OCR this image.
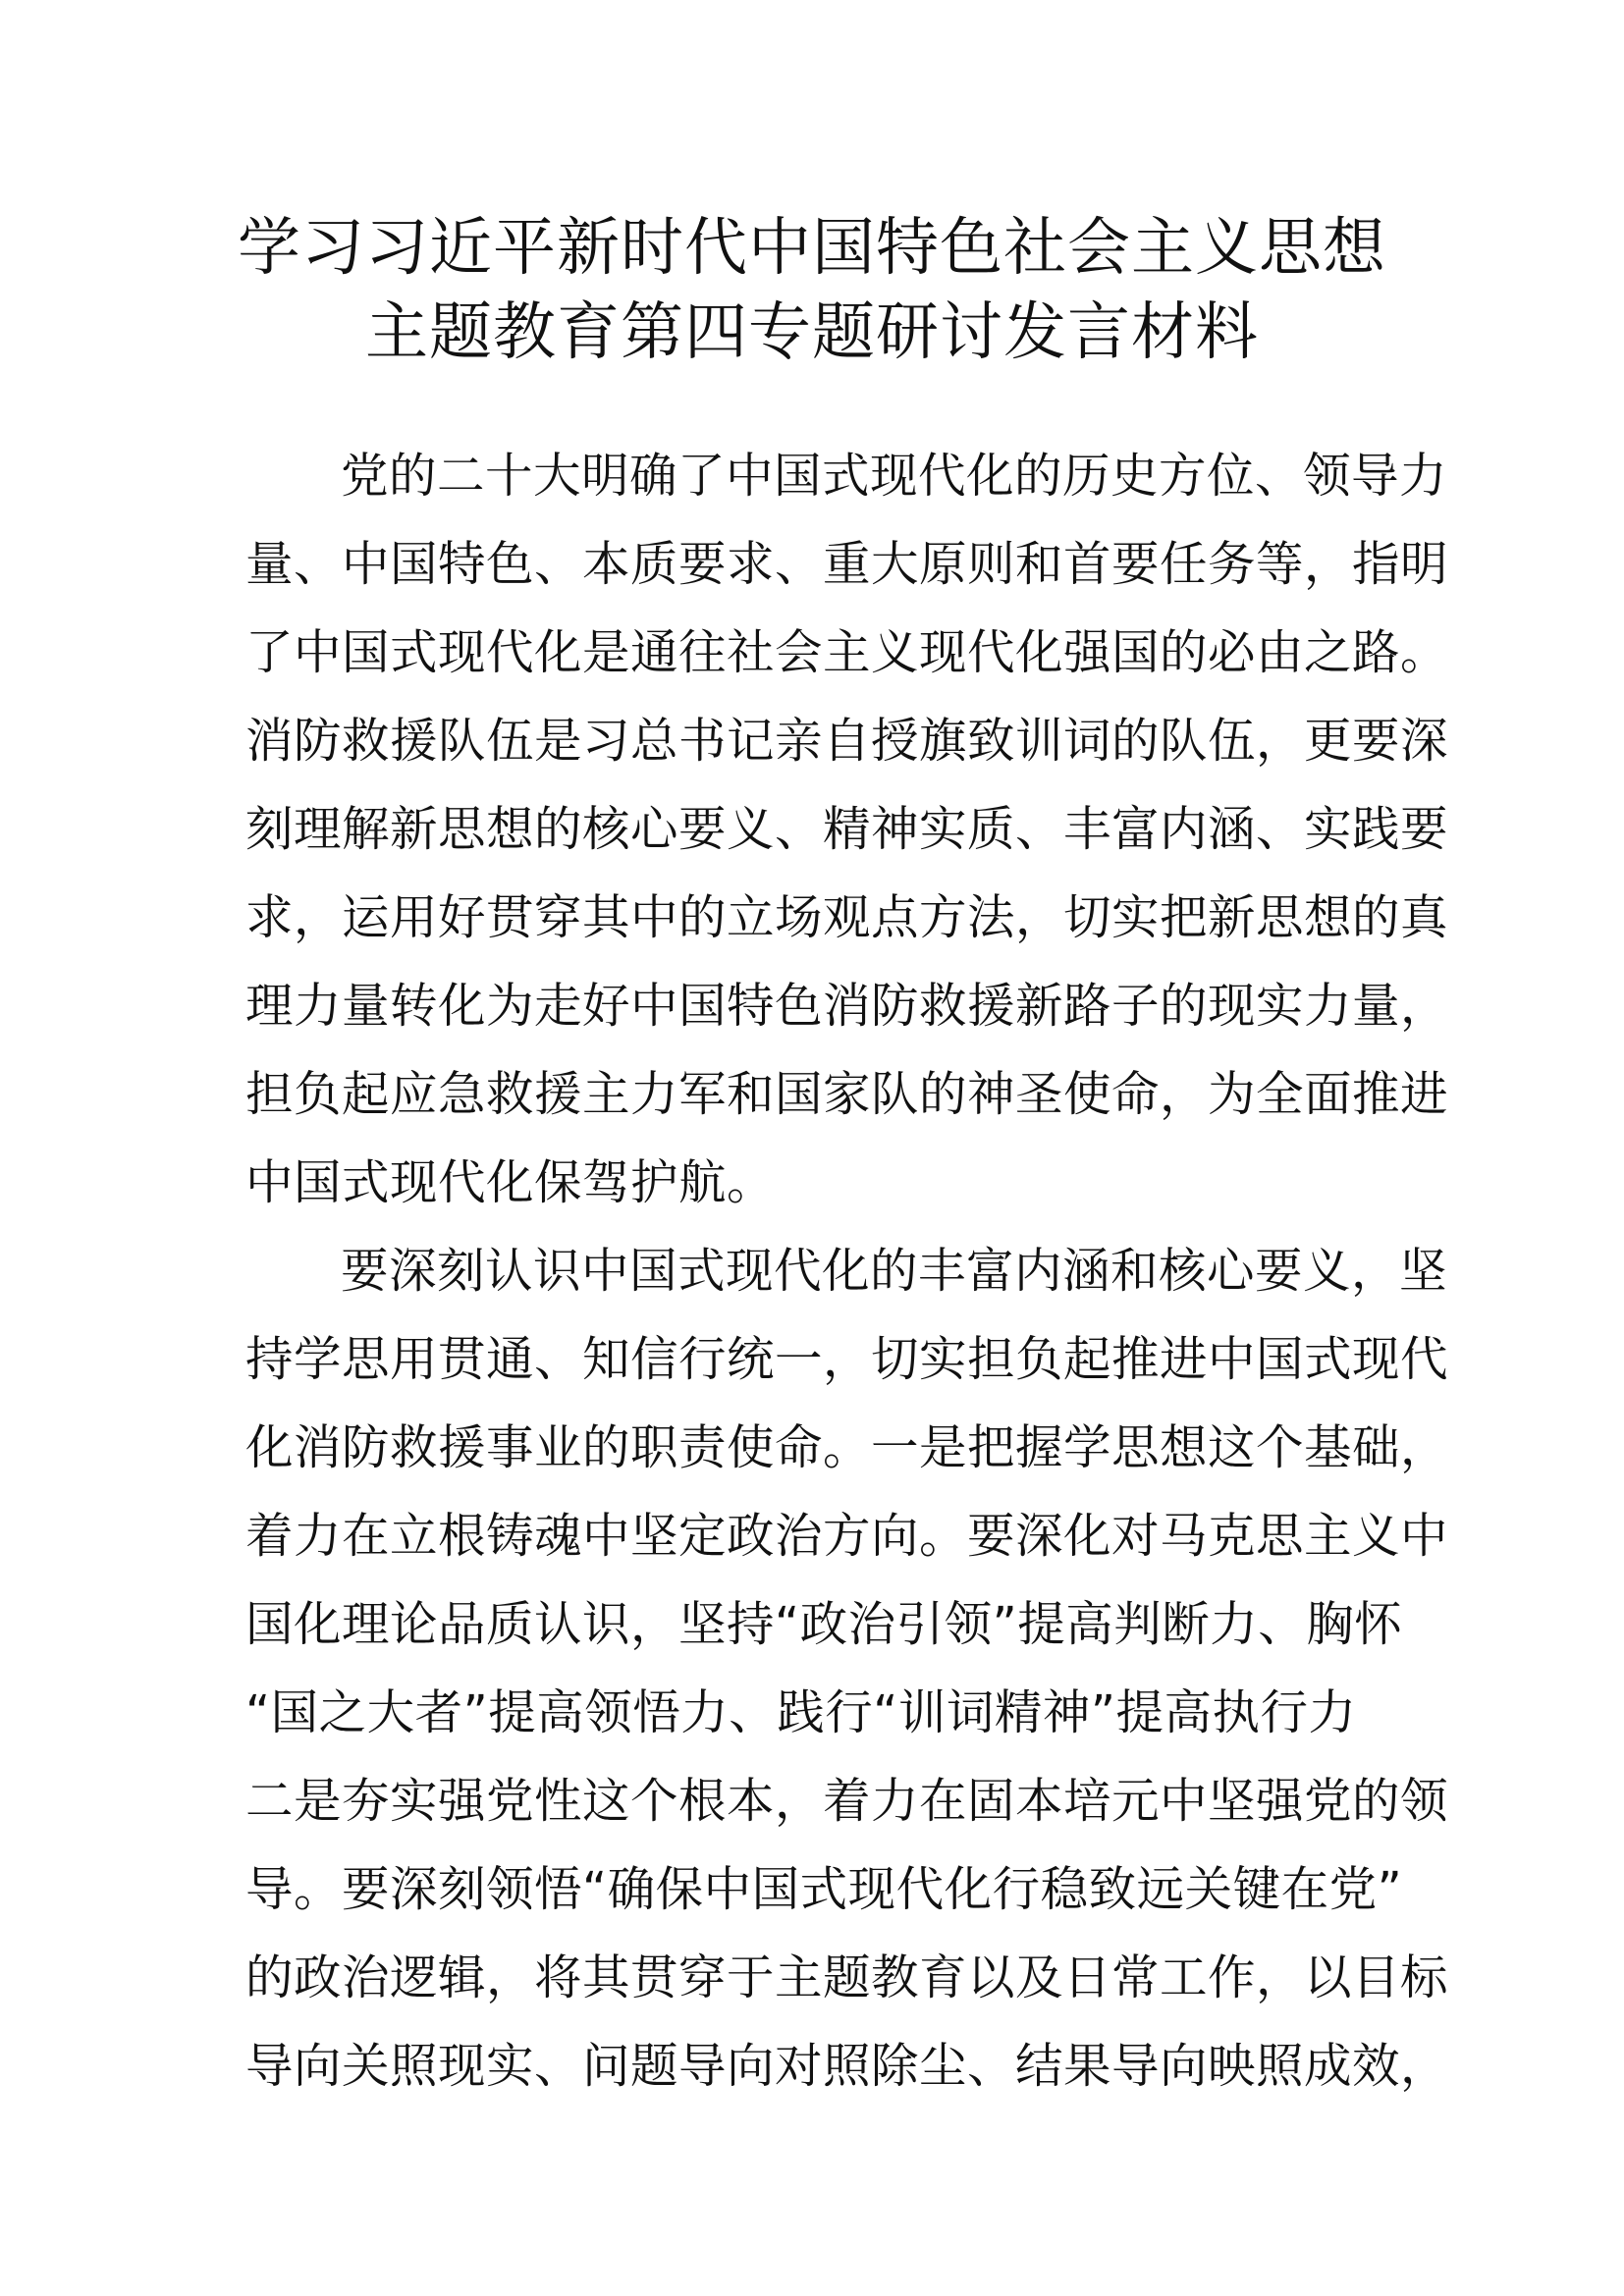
学习习近平新时代中国特色社会主义思想
主题教育第四专题研讨发言材料
党的二十大明确了中国式现代化的历史方位、领导力
量、中国特色、本质要求、重大原则和首要任务等，指明
了中国式现代化是通往社会主义现代化强国的必由之路。
消防救援队伍是习总书记亲自授旗致训词的队伍，更要深
刻理解新思想的核心要义、精神实质、丰富内涵、实践要
求，运用好贯穿其中的立场观点方法，切实把新思想的真
理力量转化为走好中国特色消防救援新路子的现实力量，
担负起应急救援主力军和国家队的神圣使命，为全面推进
中国式现代化保驾护航。
要深刻认识中国式现代化的丰富内涵和核心要义，坚
持学思用贯通、知信行统一，切实担负起推进中国式现代
化消防救援事业的职责使命。一是把握学思想这个基础，
着力在立根铸魂中坚定政治方向。要深化对马克思主义中
国化理论品质认识，坚持“政治引领”提高判断力、胸怀
“国之大者”提高领悟力、践行“训词精神”提高执行力
二是夯实强党性这个根本，着力在固本培元中坚强党的领
导。要深刻领悟“确保中国式现代化行稳致远关键在党”
的政治逻辑，将其贯穿于主题教育以及日常工作，以目标
导向关照现实、问题导向对照除尘、结果导向映照成效，
